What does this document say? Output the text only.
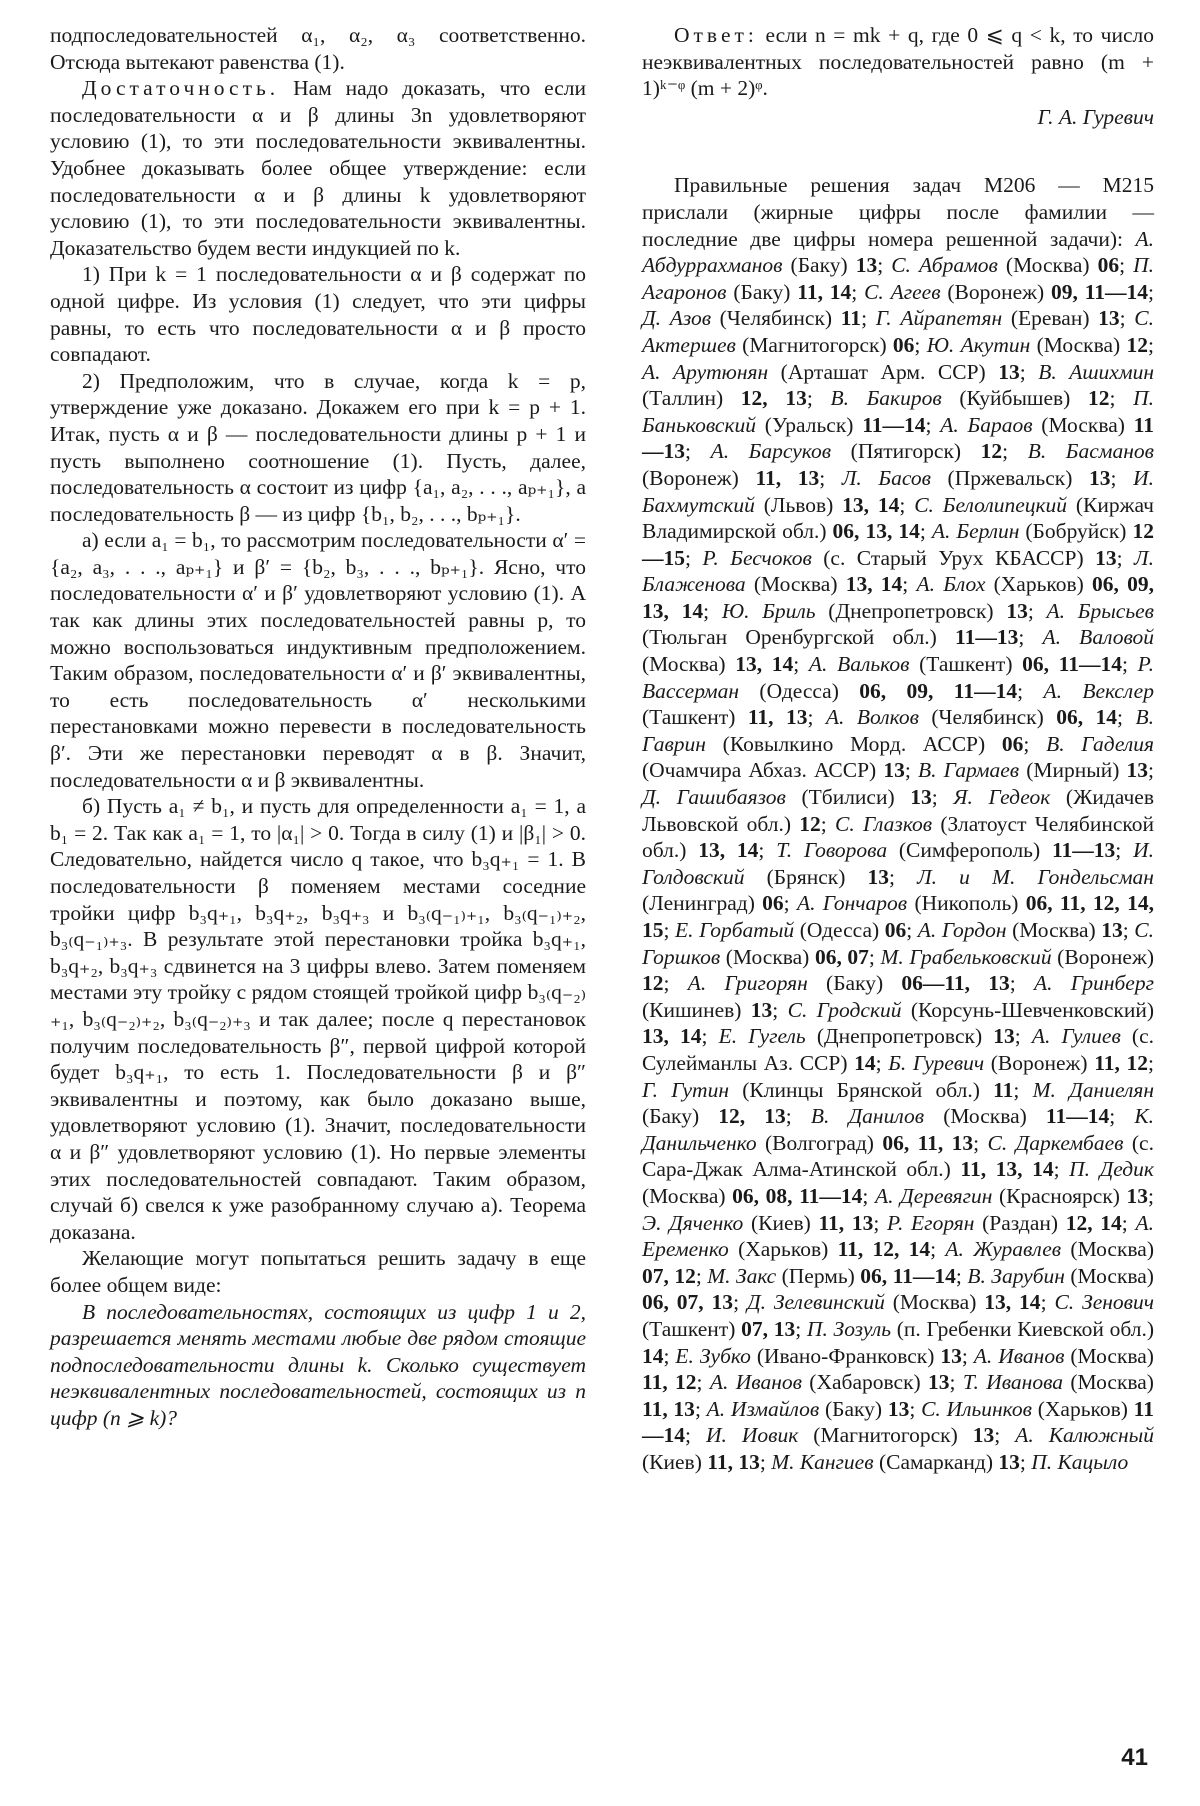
подпоследовательностей α₁, α₂, α₃ соответственно. Отсюда вытекают равенства (1).

Достаточность. Нам надо доказать, что если последовательности α и β длины 3n удовлетворяют условию (1), то эти последовательности эквивалентны. Удобнее доказывать более общее утверждение: если последовательности α и β длины k удовлетворяют условию (1), то эти последовательности эквивалентны. Доказательство будем вести индукцией по k.

1) При k = 1 последовательности α и β содержат по одной цифре. Из условия (1) следует, что эти цифры равны, то есть что последовательности α и β просто совпадают.

2) Предположим, что в случае, когда k = p, утверждение уже доказано. Докажем его при k = p + 1. Итак, пусть α и β — последовательности длины p + 1 и пусть выполнено соотношение (1). Пусть, далее, последовательность α состоит из цифр {a₁, a₂, . . ., aₚ₊₁}, а последовательность β — из цифр {b₁, b₂, . . ., bₚ₊₁}.

а) если a₁ = b₁, то рассмотрим последовательности α′ = {a₂, a₃, . . ., aₚ₊₁} и β′ = {b₂, b₃, . . ., bₚ₊₁}. Ясно, что последовательности α′ и β′ удовлетворяют условию (1). А так как длины этих последовательностей равны p, то можно воспользоваться индуктивным предположением. Таким образом, последовательности α′ и β′ эквивалентны, то есть последовательность α′ несколькими перестановками можно перевести в последовательность β′. Эти же перестановки переводят α в β. Значит, последовательности α и β эквивалентны.

б) Пусть a₁ ≠ b₁, и пусть для определенности a₁ = 1, а b₁ = 2. Так как a₁ = 1, то |α₁| > 0. Тогда в силу (1) и |β₁| > 0. Следовательно, найдется число q такое, что b₃q₊₁ = 1. В последовательности β поменяем местами соседние тройки цифр b₃q₊₁, b₃q₊₂, b₃q₊₃ и b₃₍q₋₁₎₊₁, b₃₍q₋₁₎₊₂, b₃₍q₋₁₎₊₃. В результате этой перестановки тройка b₃q₊₁, b₃q₊₂, b₃q₊₃ сдвинется на 3 цифры влево. Затем поменяем местами эту тройку с рядом стоящей тройкой цифр b₃₍q₋₂₎₊₁, b₃₍q₋₂₎₊₂, b₃₍q₋₂₎₊₃ и так далее; после q перестановок получим последовательность β″, первой цифрой которой будет b₃q₊₁, то есть 1. Последовательности β и β″ эквивалентны и поэтому, как было доказано выше, удовлетворяют условию (1). Значит, последовательности α и β″ удовлетворяют условию (1). Но первые элементы этих последовательностей совпадают. Таким образом, случай б) свелся к уже разобранному случаю а). Теорема доказана.

Желающие могут попытаться решить задачу в еще более общем виде:

В последовательностях, состоящих из цифр 1 и 2, разрешается менять местами любые две рядом стоящие подпоследовательности длины k. Сколько существует неэквивалентных последовательностей, состоящих из n цифр (n ⩾ k)?

Ответ: если n = mk + q, где 0 ⩽ q < k, то число неэквивалентных последовательностей равно (m + 1)ᵏ⁻ᵠ (m + 2)ᵠ.

Г. А. Гуревич

Правильные решения задач М206 — М215 прислали (жирные цифры после фамилии — последние две цифры номера решенной задачи): А. Абдуррахманов (Баку) 13; С. Абрамов (Москва) 06; П. Агаронов (Баку) 11, 14; С. Агеев (Воронеж) 09, 11—14; Д. Азов (Челябинск) 11; Г. Айрапетян (Ереван) 13; С. Актершев (Магнитогорск) 06; Ю. Акутин (Москва) 12; А. Арутюнян (Арташат Арм. ССР) 13; В. Ашихмин (Таллин) 12, 13; В. Бакиров (Куйбышев) 12; П. Баньковский (Уральск) 11—14; А. Бараов (Москва) 11—13; А. Барсуков (Пятигорск) 12; В. Басманов (Воронеж) 11, 13; Л. Басов (Пржевальск) 13; И. Бахмутский (Львов) 13, 14; С. Белолипецкий (Киржач Владимирской обл.) 06, 13, 14; А. Берлин (Бобруйск) 12—15; Р. Бесчоков (с. Старый Урух КБАССР) 13; Л. Блаженова (Москва) 13, 14; А. Блох (Харьков) 06, 09, 13, 14; Ю. Бриль (Днепропетровск) 13; А. Брысьев (Тюльган Оренбургской обл.) 11—13; А. Валовой (Москва) 13, 14; А. Вальков (Ташкент) 06, 11—14; Р. Вассерман (Одесса) 06, 09, 11—14; А. Векслер (Ташкент) 11, 13; А. Волков (Челябинск) 06, 14; В. Гаврин (Ковылкино Морд. АССР) 06; В. Гаделия (Очамчира Абхаз. АССР) 13; В. Гармаев (Мирный) 13; Д. Гашибаязов (Тбилиси) 13; Я. Гедеок (Жидачев Львовской обл.) 12; С. Глазков (Златоуст Челябинской обл.) 13, 14; Т. Говорова (Симферополь) 11—13; И. Голдовский (Брянск) 13; Л. и М. Гондельсман (Ленинград) 06; А. Гончаров (Никополь) 06, 11, 12, 14, 15; Е. Горбатый (Одесса) 06; А. Гордон (Москва) 13; С. Горшков (Москва) 06, 07; М. Грабельковский (Воронеж) 12; А. Григорян (Баку) 06—11, 13; А. Гринберг (Кишинев) 13; С. Гродский (Корсунь-Шевченковский) 13, 14; Е. Гугель (Днепропетровск) 13; А. Гулиев (с. Сулейманлы Аз. ССР) 14; Б. Гуревич (Воронеж) 11, 12; Г. Гутин (Клинцы Брянской обл.) 11; М. Даниелян (Баку) 12, 13; В. Данилов (Москва) 11—14; К. Данильченко (Волгоград) 06, 11, 13; С. Даркембаев (с. Сара-Джак Алма-Атинской обл.) 11, 13, 14; П. Дедик (Москва) 06, 08, 11—14; А. Деревягин (Красноярск) 13; Э. Дяченко (Киев) 11, 13; Р. Егорян (Раздан) 12, 14; А. Еременко (Харьков) 11, 12, 14; А. Журавлев (Москва) 07, 12; М. Закс (Пермь) 06, 11—14; В. Зарубин (Москва) 06, 07, 13; Д. Зелевинский (Москва) 13, 14; С. Зенович (Ташкент) 07, 13; П. Зозуль (п. Гребенки Киевской обл.) 14; Е. Зубко (Ивано-Франковск) 13; А. Иванов (Москва) 11, 12; А. Иванов (Хабаровск) 13; Т. Иванова (Москва) 11, 13; А. Измайлов (Баку) 13; С. Ильинков (Харьков) 11—14; И. Иовик (Магнитогорск) 13; А. Калюжный (Киев) 11, 13; М. Кангиев (Самарканд) 13; П. Кацыло

41
